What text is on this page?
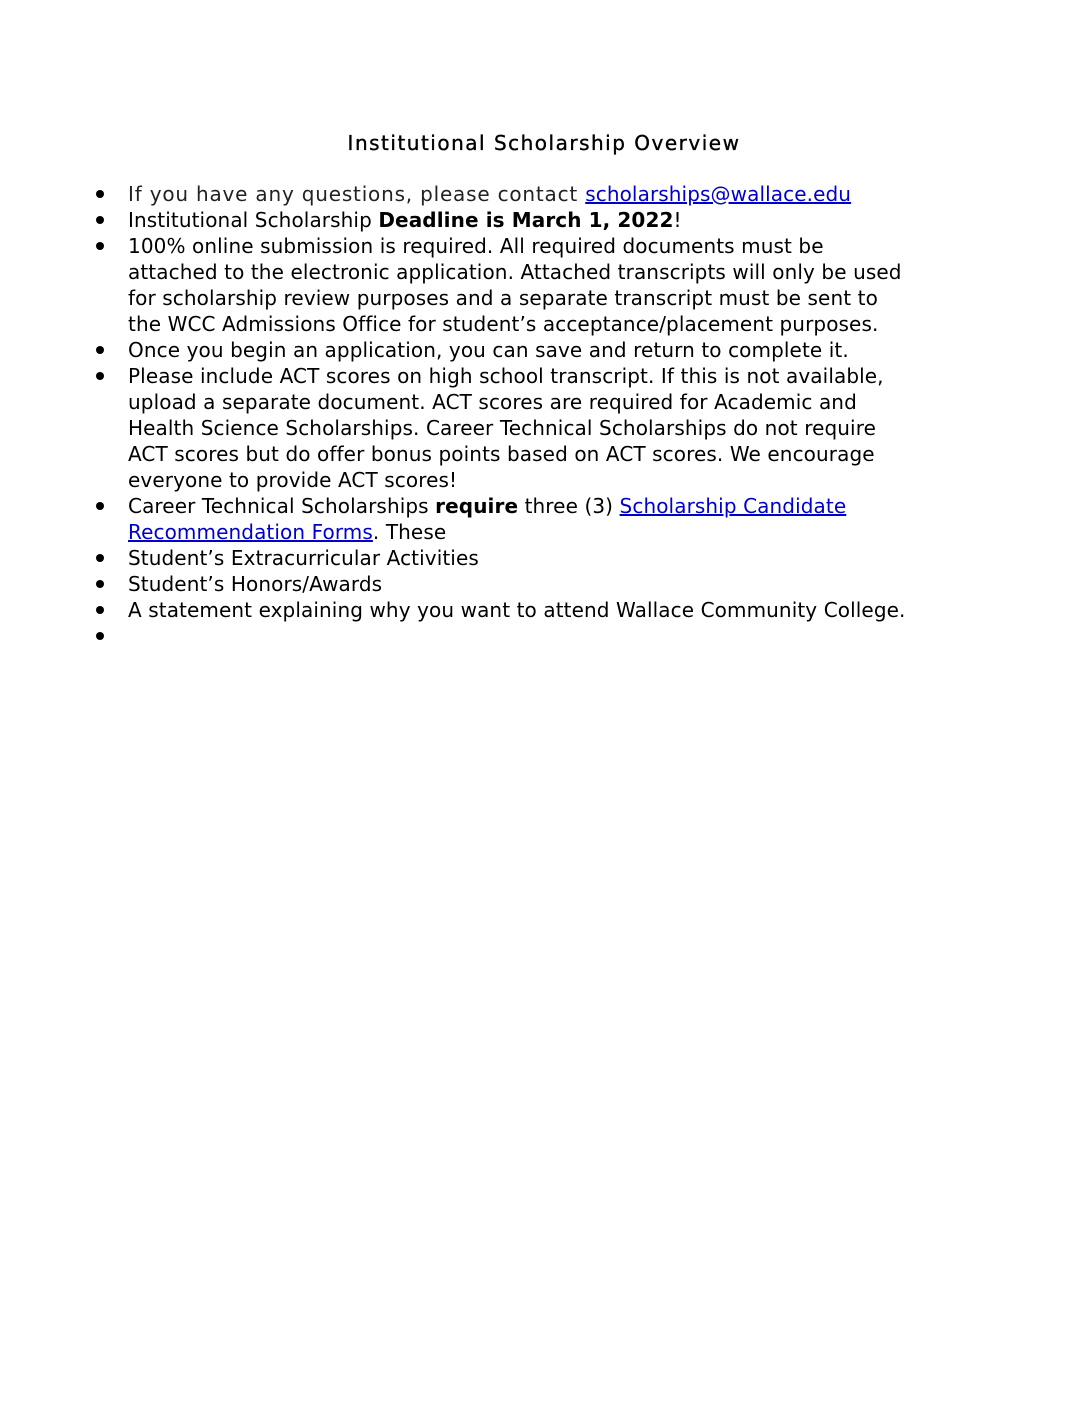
Institutional Scholarship Overview
If you have any questions, please contact scholarships@wallace.edu
Institutional Scholarship Deadline is March 1, 2022!
100% online submission is required. All required documents must be
attached to the electronic application. Attached transcripts will only be used
for scholarship review purposes and a separate transcript must be sent to
the WCC Admissions Office for student’s acceptance/placement purposes.
Once you begin an application, you can save and return to complete it.
Please include ACT scores on high school transcript. If this is not available,
upload a separate document. ACT scores are required for Academic and
Health Science Scholarships. Career Technical Scholarships do not require
ACT scores but do offer bonus points based on ACT scores. We encourage
everyone to provide ACT scores!
Career Technical Scholarships require three (3) Scholarship Candidate
Recommendation Forms. These
Student’s Extracurricular Activities
Student’s Honors/Awards
A statement explaining why you want to attend Wallace Community College.
